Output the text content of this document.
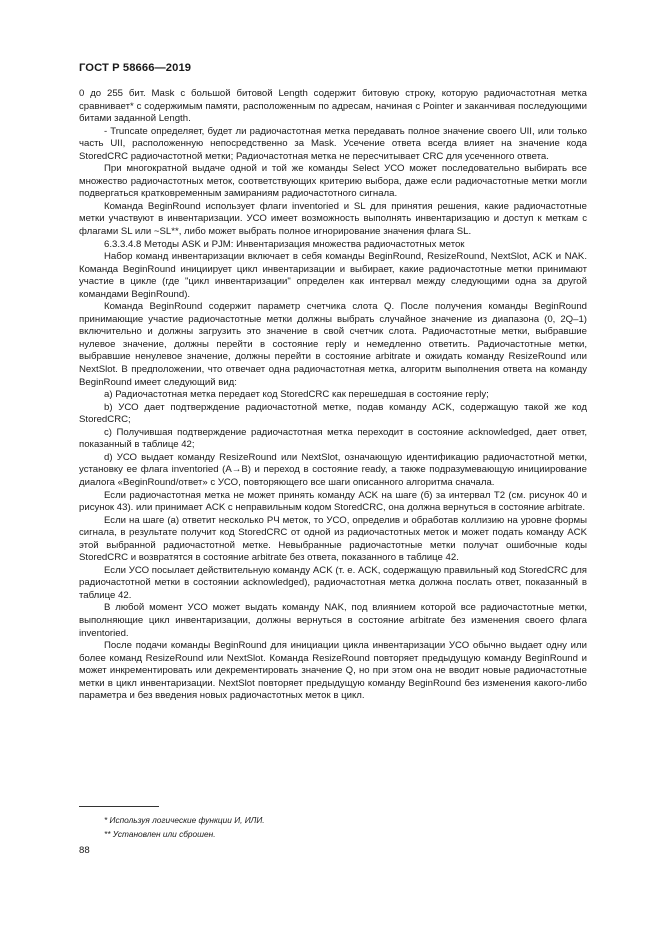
ГОСТ Р 58666—2019

0 до 255 бит. Mask с большой битовой Length содержит битовую строку, которую радиочастотная метка сравнивает* с содержимым памяти, расположенным по адресам, начиная с Pointer и заканчивая последующими битами заданной Length.

- Truncate определяет, будет ли радиочастотная метка передавать полное значение своего UII, или только часть UII, расположенную непосредственно за Mask. Усечение ответа всегда влияет на значение кода StoredCRC радиочастотной метки; Радиочастотная метка не пересчитывает CRC для усеченного ответа.

При многократной выдаче одной и той же команды Select УСО может последовательно выбирать все множество радиочастотных меток, соответствующих критерию выбора, даже если радиочастотные метки могли подвергаться кратковременным замираниям радиочастотного сигнала.

Команда BeginRound использует флаги inventoried и SL для принятия решения, какие радиочастотные метки участвуют в инвентаризации. УСО имеет возможность выполнять инвентаризацию и доступ к меткам с флагами SL или ~SL**, либо может выбрать полное игнорирование значения флага SL.

6.3.3.4.8 Методы ASK и PJM: Инвентаризация множества радиочастотных меток

Набор команд инвентаризации включает в себя команды BeginRound, ResizeRound, NextSlot, ACK и NAK. Команда BeginRound инициирует цикл инвентаризации и выбирает, какие радиочастотные метки принимают участие в цикле (где "цикл инвентаризации" определен как интервал между следующими одна за другой командами BeginRound).

Команда BeginRound содержит параметр счетчика слота Q. После получения команды BeginRound принимающие участие радиочастотные метки должны выбрать случайное значение из диапазона (0, 2Q–1) включительно и должны загрузить это значение в свой счетчик слота. Радиочастотные метки, выбравшие нулевое значение, должны перейти в состояние reply и немедленно ответить. Радиочастотные метки, выбравшие ненулевое значение, должны перейти в состояние arbitrate и ожидать команду ResizeRound или NextSlot. В предположении, что отвечает одна радиочастотная метка, алгоритм выполнения ответа на команду BeginRound имеет следующий вид:

a) Радиочастотная метка передает код StoredCRC как перешедшая в состояние reply;

b) УСО дает подтверждение радиочастотной метке, подав команду ACK, содержащую такой же код StoredCRC;

c) Получившая подтверждение радиочастотная метка переходит в состояние acknowledged, дает ответ, показанный в таблице 42;

d) УСО выдает команду ResizeRound или NextSlot, означающую идентификацию радиочастотной метки, установку ее флага inventoried (A→B) и переход в состояние ready, а также подразумевающую инициирование диалога «BeginRound/ответ» с УСО, повторяющего все шаги описанного алгоритма сначала.

Если радиочастотная метка не может принять команду ACK на шаге (б) за интервал T2 (см. рисунок 40 и рисунок 43). или принимает ACK с неправильным кодом StoredCRC, она должна вернуться в состояние arbitrate.

Если на шаге (а) ответит несколько РЧ меток, то УСО, определив и обработав коллизию на уровне формы сигнала, в результате получит код StoredCRC от одной из радиочастотных меток и может подать команду ACK этой выбранной радиочастотной метке. Невыбранные радиочастотные метки получат ошибочные коды StoredCRC и возвратятся в состояние arbitrate без ответа, показанного в таблице 42.

Если УСО посылает действительную команду ACK (т. е. ACK, содержащую правильный код StoredCRC для радиочастотной метки в состоянии acknowledged), радиочастотная метка должна послать ответ, показанный в таблице 42.

В любой момент УСО может выдать команду NAK, под влиянием которой все радиочастотные метки, выполняющие цикл инвентаризации, должны вернуться в состояние arbitrate без изменения своего флага inventoried.

После подачи команды BeginRound для инициации цикла инвентаризации УСО обычно выдает одну или более команд ResizeRound или NextSlot. Команда ResizeRound повторяет предыдущую команду BeginRound и может инкрементировать или декрементировать значение Q, но при этом она не вводит новые радиочастотные метки в цикл инвентаризации. NextSlot повторяет предыдущую команду BeginRound без изменения какого-либо параметра и без введения новых радиочастотных меток в цикл.

* Используя логические функции И, ИЛИ.
** Установлен или сброшен.
88
